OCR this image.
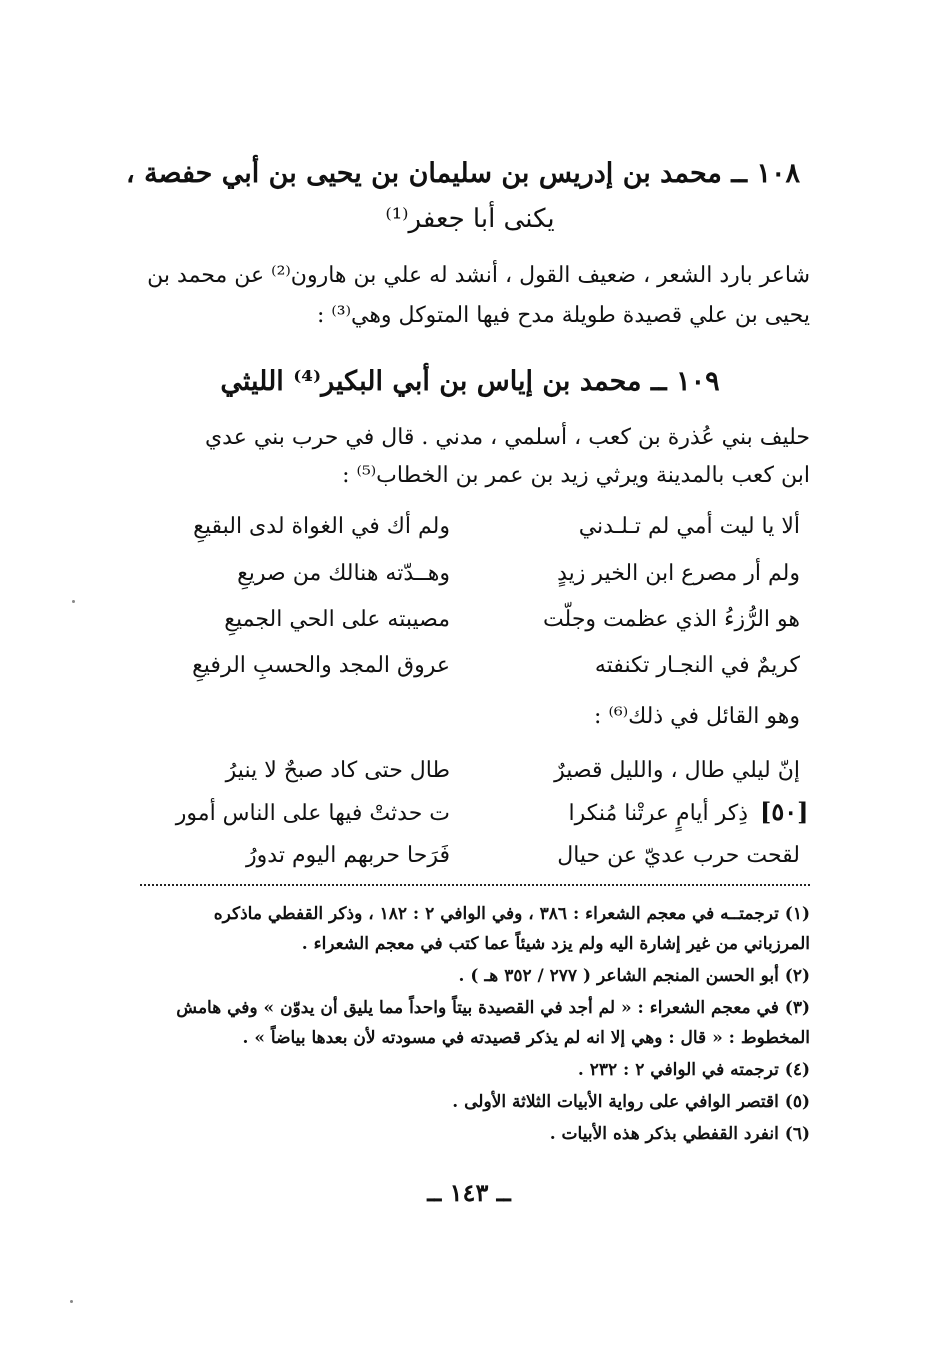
١٠٨ ــ محمد بن إدريس بن سليمان بن يحيى بن أبي حفصة ،
يكنى أبا جعفر⁽¹⁾
شاعر بارد الشعر ، ضعيف القول ، أنشد له علي بن هارون⁽²⁾ عن محمد بن
يحيى بن علي قصيدة طويلة مدح فيها المتوكل وهي⁽³⁾ :
١٠٩ ــ محمد بن إياس بن أبي البكير⁽⁴⁾ الليثي
حليف بني عُذرة بن كعب ، أسلمي ، مدني . قال في حرب بني عدي
ابن كعب بالمدينة ويرثي زيد بن عمر بن الخطاب⁽⁵⁾ :
ألا يا ليت أمي لم تـلـدني
ولم أك في الغواة لدى البقيعِ
ولم أر مصرع ابن الخير زيدٍ
وهــدّته هنالك من صريعِ
هو الرُّزءُ الذي عظمت وجلّت
مصيبته على الحي الجميعِ
كريمٌ في النجـار تكنفته
عروق المجد والحسبِ الرفيعِ
وهو القائل في ذلك⁽⁶⁾ :
إنّ ليلي طال ، والليل قصيرٌ
طال حتى كاد صبحٌ لا ينيرُ
ذِكر أيامٍ عرتْنا مُنكرا
ت حدثتْ فيها على الناس أمور	[٥٠]
لقحت حرب عديّ عن حيال
فَرَحا حربهم اليوم تدورُ
(١) ترجمتــه في معجم الشعراء : ٣٨٦ ، وفي الوافي ٢ : ١٨٢ ، وذكر القفطي ماذكره
المرزباني من غير إشارة اليه ولم يزد شيئاً عما كتب في معجم الشعراء .
(٢) أبو الحسن المنجم الشاعر ( ٢٧٧ / ٣٥٢ هـ ) .
(٣) في معجم الشعراء : « لم أجد في القصيدة بيتاً واحداً مما يليق أن يدوّن » وفي هامش
المخطوط : « قال : وهي إلا انه لم يذكر قصيدته في مسودته لأن بعدها بياضاً » .
(٤) ترجمته في الوافي ٢ : ٢٣٢ .
(٥) اقتصر الوافي على رواية الأبيات الثلاثة الأولى .
(٦) انفرد القفطي بذكر هذه الأبيات .
ــ ١٤٣ ــ
